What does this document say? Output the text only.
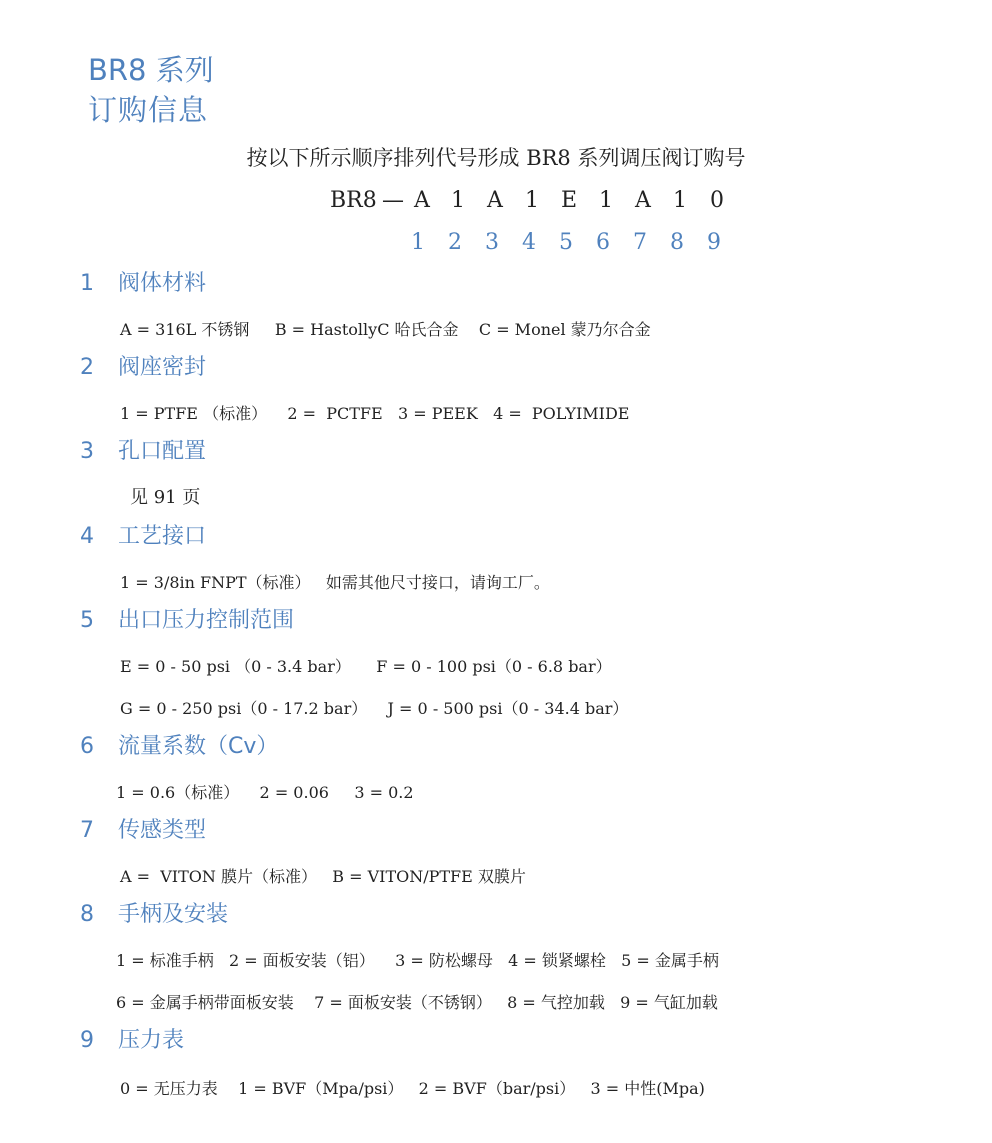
BR8 系列
订购信息
按以下所示顺序排列代号形成 BR8 系列调压阀订购号
BR8 — A 1 A 1 E 1 A 1 0
1	2	3	4	5	6	7	8	9
1 阀体材料
A = 316L 不锈钢     B = HastollyC 哈氏合金    C = Monel 蒙乃尔合金
2 阀座密封
1 = PTFE （标准）    2 =  PCTFE   3 = PEEK   4 =  POLYIMIDE
3 孔口配置
见 91 页
4 工艺接口
1 = 3/8in FNPT（标准）   如需其他尺寸接口，请询工厂。
5 出口压力控制范围
E = 0 - 50 psi （0 - 3.4 bar）     F = 0 - 100 psi（0 - 6.8 bar）
G = 0 - 250 psi（0 - 17.2 bar）    J = 0 - 500 psi（0 - 34.4 bar）
6 流量系数（Cv）
1 = 0.6（标准）    2 = 0.06     3 = 0.2
7 传感类型
A =  VITON 膜片（标准）   B = VITON/PTFE 双膜片
8 手柄及安装
1 = 标准手柄   2 = 面板安装（铝）    3 = 防松螺母   4 = 锁紧螺栓   5 = 金属手柄
6 = 金属手柄带面板安装    7 = 面板安装（不锈钢）   8 = 气控加载   9 = 气缸加载
9 压力表
0 = 无压力表    1 = BVF（Mpa/psi）   2 = BVF（bar/psi）   3 = 中性(Mpa)
